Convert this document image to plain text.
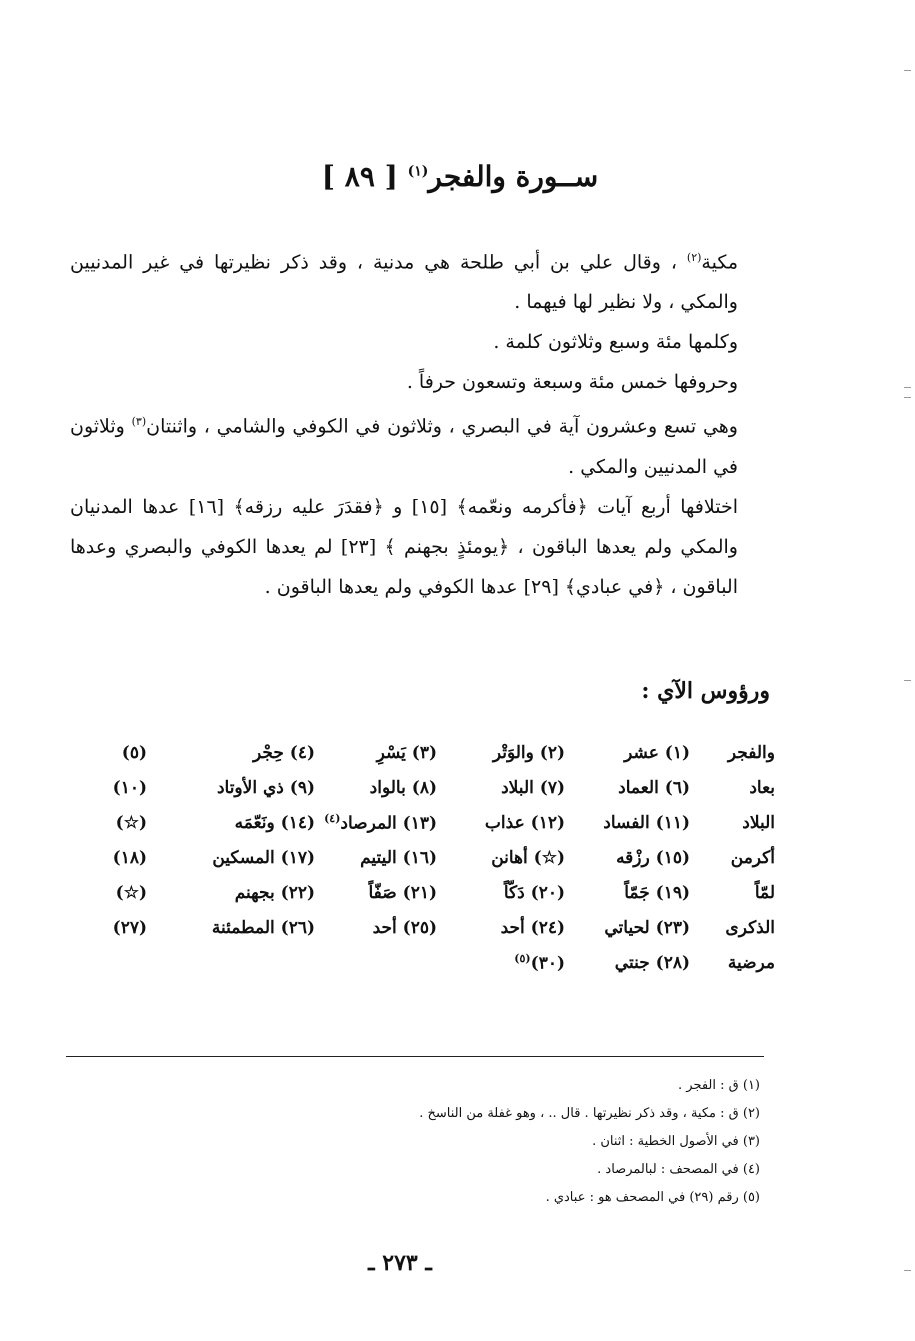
ســورة والفجر$^{(١)}$ [ ٨٩ ]

مكية$^{(٢)}$ ، وقال علي بن أبي طلحة هي مدنية ، وقد ذكر نظيرتها في غير المدنيين والمكي ، ولا نظير لها فيهما .

وكلمها مئة وسبع وثلاثون كلمة .

وحروفها خمس مئة وسبعة وتسعون حرفاً .

وهي تسع وعشرون آية في البصري ، وثلاثون في الكوفي والشامي ، واثنتان$^{(٣)}$ وثلاثون في المدنيين والمكي .

اختلافها أربع آيات ﴿فأكرمه ونعّمه﴾ [١٥] و ﴿فقدَرَ عليه رزقه﴾ [١٦] عدها المدنيان والمكي ولم يعدها الباقون ، ﴿يومئذٍ بجهنم ﴾ [٢٣] لم يعدها الكوفي والبصري وعدها الباقون ، ﴿في عبادي﴾ [٢٩] عدها الكوفي ولم يعدها الباقون .

ورؤوس الآي :
والفجر
(١) عشر
(٢) والوَتْر
(٣) يَسْرِ
(٤) حِجْر
(٥)
بعاد
(٦) العماد
(٧) البلاد
(٨) بالواد
(٩) ذي الأوتاد
(١٠)
البلاد
(١١) الفساد
(١٢) عذاب
(١٣) المرصاد$^{(٤)}$
(١٤) ونَعّمَه
(☆)
أكرمن
(١٥) رزْقه
(☆) أهانن
(١٦) اليتيم
(١٧) المسكين
(١٨)
لمّاً
(١٩) جَمّاً
(٢٠) دَكّاً
(٢١) صَفّاً
(٢٢) بجهنم
(☆)
الذكرى
(٢٣) لحياتي
(٢٤) أحد
(٢٥) أحد
(٢٦) المطمئنة
(٢٧)
مرضية
(٢٨) جنتي
(٣٠)$^{(٥)}$
(١) ق : الفجر .
(٢) ق : مكية ، وقد ذكر نظيرتها . قال .. ، وهو غفلة من الناسخ .
(٣) في الأصول الخطية : اثنان .
(٤) في المصحف : لبالمرصاد .
(٥) رقم (٢٩) في المصحف هو : عبادي .
ـ ٢٧٣ ـ
